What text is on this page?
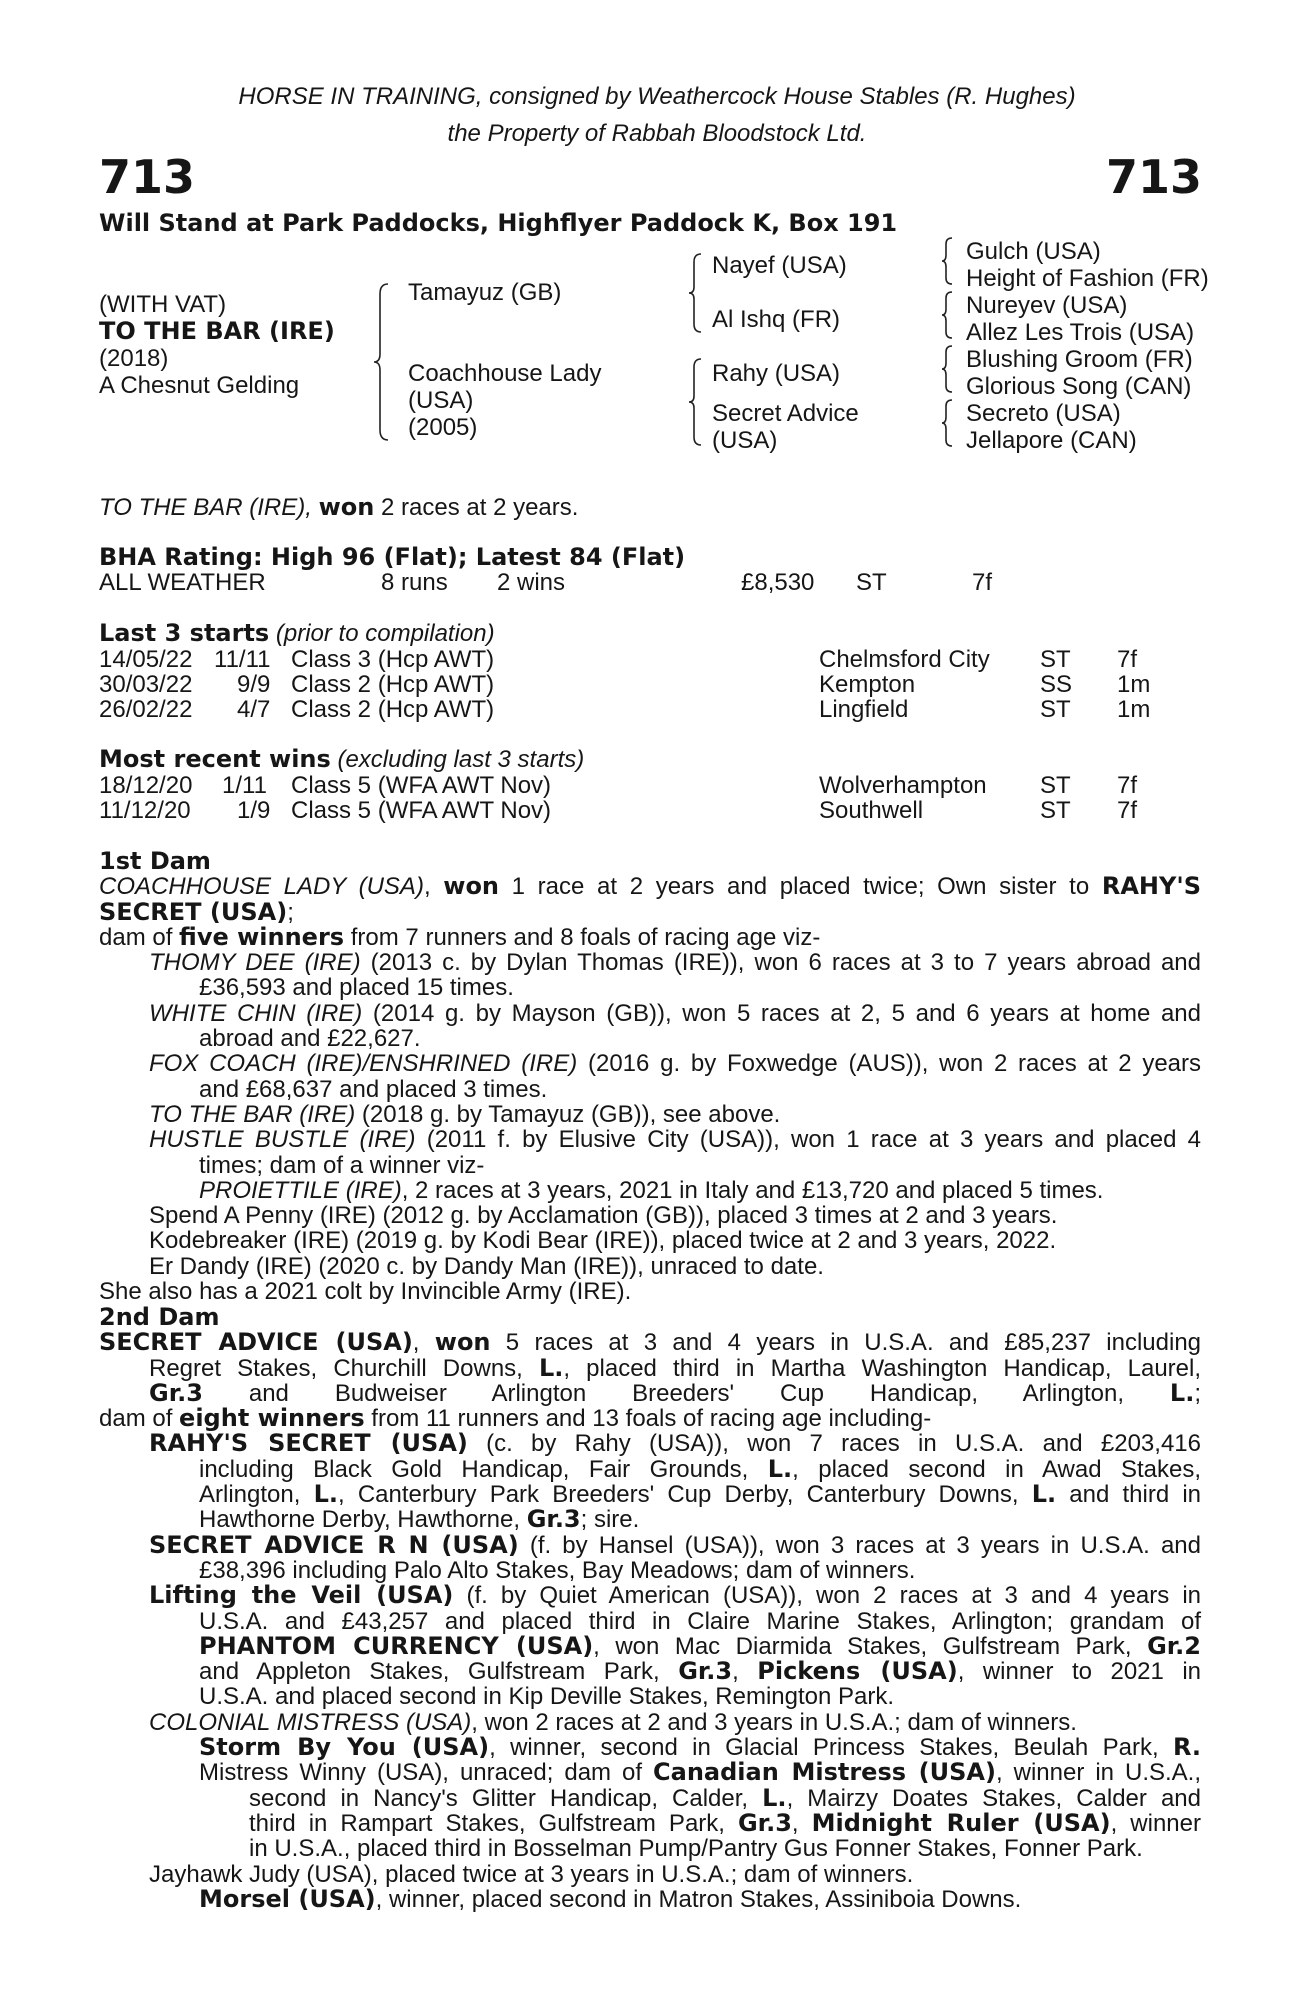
HORSE IN TRAINING, consigned by Weathercock House Stables (R. Hughes)
the Property of Rabbah Bloodstock Ltd.
713	713
Will Stand at Park Paddocks, Highflyer Paddock K, Box 191
(WITH VAT)
TO THE BAR (IRE)
(2018)
A Chesnut Gelding
Tamayuz (GB)
Coachhouse Lady
(USA)
(2005)
Nayef (USA)
Al Ishq (FR)
Rahy (USA)
Secret Advice
(USA)
Gulch (USA)
Height of Fashion (FR)
Nureyev (USA)
Allez Les Trois (USA)
Blushing Groom (FR)
Glorious Song (CAN)
Secreto (USA)
Jellapore (CAN)
TO THE BAR (IRE), won 2 races at 2 years.
BHA Rating: High 96 (Flat); Latest 84 (Flat)
ALL WEATHER	8 runs 2 wins	£8,530 ST	7f
Last 3 starts (prior to compilation)
14/05/22 11/11 Class 3 (Hcp AWT)	Chelmsford City ST 7f
30/03/22 9/9 Class 2 (Hcp AWT)	Kempton	SS 1m
26/02/22 4/7 Class 2 (Hcp AWT)	Lingfield	ST 1m
Most recent wins (excluding last 3 starts)
18/12/20 1/11 Class 5 (WFA AWT Nov)	Wolverhampton ST 7f
11/12/20 1/9 Class 5 (WFA AWT Nov)	Southwell	ST 7f

1st Dam

COACHHOUSE LADY (USA), won 1 race at 2 years and placed twice; Own sister to RAHY'S

SECRET (USA);

dam of five winners from 7 runners and 8 foals of racing age viz-

THOMY DEE (IRE) (2013 c. by Dylan Thomas (IRE)), won 6 races at 3 to 7 years abroad and

£36,593 and placed 15 times.

WHITE CHIN (IRE) (2014 g. by Mayson (GB)), won 5 races at 2, 5 and 6 years at home and

abroad and £22,627.

FOX COACH (IRE)/ENSHRINED (IRE) (2016 g. by Foxwedge (AUS)), won 2 races at 2 years

and £68,637 and placed 3 times.

TO THE BAR (IRE) (2018 g. by Tamayuz (GB)), see above.

HUSTLE BUSTLE (IRE) (2011 f. by Elusive City (USA)), won 1 race at 3 years and placed 4

times; dam of a winner viz-

PROIETTILE (IRE), 2 races at 3 years, 2021 in Italy and £13,720 and placed 5 times.

Spend A Penny (IRE) (2012 g. by Acclamation (GB)), placed 3 times at 2 and 3 years.

Kodebreaker (IRE) (2019 g. by Kodi Bear (IRE)), placed twice at 2 and 3 years, 2022.

Er Dandy (IRE) (2020 c. by Dandy Man (IRE)), unraced to date.

She also has a 2021 colt by Invincible Army (IRE).

2nd Dam

SECRET ADVICE (USA), won 5 races at 3 and 4 years in U.S.A. and £85,237 including

Regret Stakes, Churchill Downs, L., placed third in Martha Washington Handicap, Laurel,

Gr.3 and Budweiser Arlington Breeders' Cup Handicap, Arlington, L.;

dam of eight winners from 11 runners and 13 foals of racing age including-

RAHY'S SECRET (USA) (c. by Rahy (USA)), won 7 races in U.S.A. and £203,416

including Black Gold Handicap, Fair Grounds, L., placed second in Awad Stakes,

Arlington, L., Canterbury Park Breeders' Cup Derby, Canterbury Downs, L. and third in

Hawthorne Derby, Hawthorne, Gr.3; sire.

SECRET ADVICE R N (USA) (f. by Hansel (USA)), won 3 races at 3 years in U.S.A. and

£38,396 including Palo Alto Stakes, Bay Meadows; dam of winners.

Lifting the Veil (USA) (f. by Quiet American (USA)), won 2 races at 3 and 4 years in

U.S.A. and £43,257 and placed third in Claire Marine Stakes, Arlington; grandam of

PHANTOM CURRENCY (USA), won Mac Diarmida Stakes, Gulfstream Park, Gr.2

and Appleton Stakes, Gulfstream Park, Gr.3, Pickens (USA), winner to 2021 in

U.S.A. and placed second in Kip Deville Stakes, Remington Park.

COLONIAL MISTRESS (USA), won 2 races at 2 and 3 years in U.S.A.; dam of winners.

Storm By You (USA), winner, second in Glacial Princess Stakes, Beulah Park, R.

Mistress Winny (USA), unraced; dam of Canadian Mistress (USA), winner in U.S.A.,

second in Nancy's Glitter Handicap, Calder, L., Mairzy Doates Stakes, Calder and

third in Rampart Stakes, Gulfstream Park, Gr.3, Midnight Ruler (USA), winner

in U.S.A., placed third in Bosselman Pump/Pantry Gus Fonner Stakes, Fonner Park.

Jayhawk Judy (USA), placed twice at 3 years in U.S.A.; dam of winners.

Morsel (USA), winner, placed second in Matron Stakes, Assiniboia Downs.
